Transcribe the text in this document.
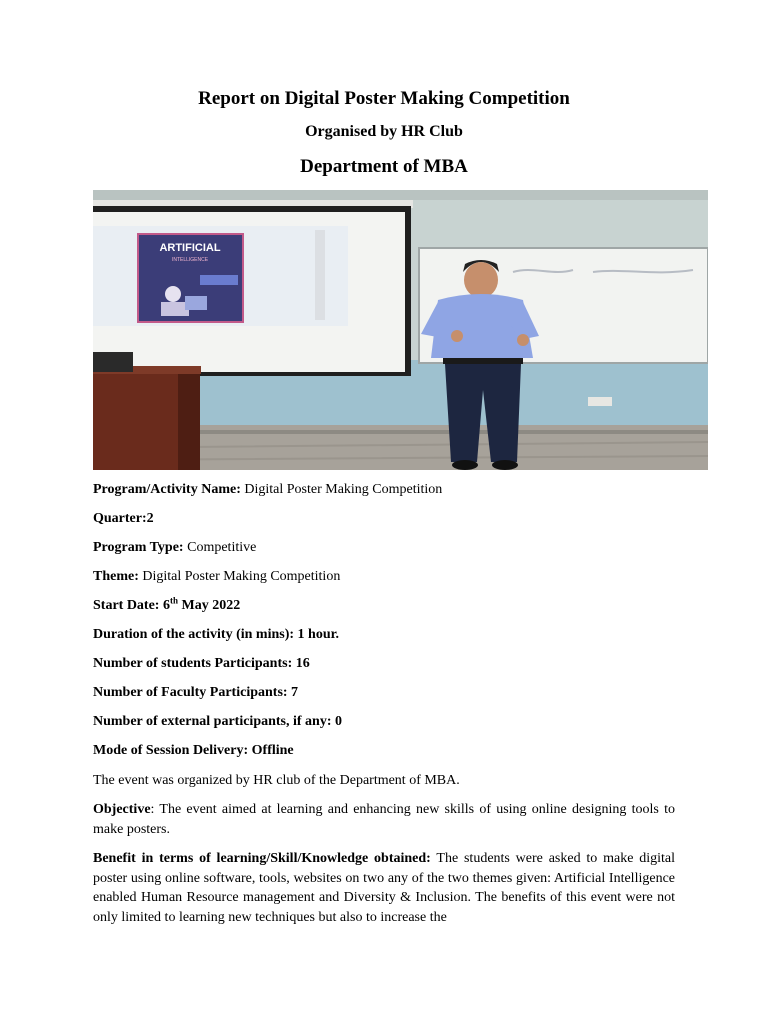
Report on Digital Poster Making Competition
Organised by HR Club
Department of MBA
ARTIFICIAL
INTELLIGENCE
Program/Activity Name: Digital Poster Making Competition
Quarter:2
Program Type: Competitive
Theme: Digital Poster Making Competition
Start Date: 6th May 2022
Duration of the activity (in mins): 1 hour.
Number of students Participants: 16
Number of Faculty Participants: 7
Number of external participants, if any: 0
Mode of Session Delivery: Offline
The event was organized by HR club of the Department of MBA.
Objective: The event aimed at learning and enhancing new skills of using online designing tools to make posters.
Benefit in terms of learning/Skill/Knowledge obtained: The students were asked to make digital poster using online software, tools, websites on two any of the two themes given: Artificial Intelligence enabled Human Resource management and Diversity & Inclusion. The benefits of this event were not only limited to learning new techniques but also to increase the
